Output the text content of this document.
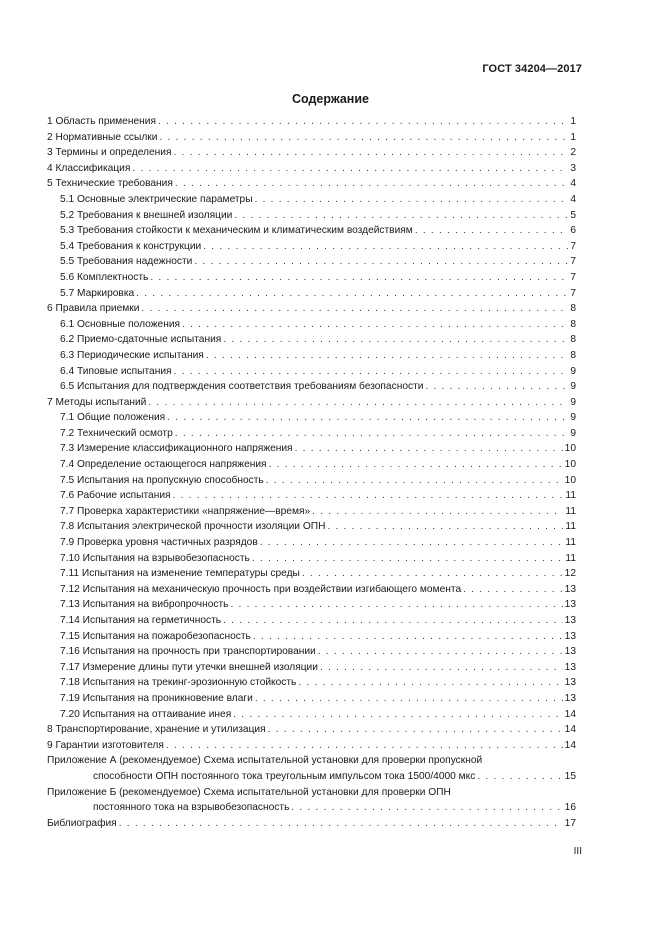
ГОСТ 34204—2017
Содержание
1 Область применения . . .	1
2 Нормативные ссылки . . .	1
3 Термины и определения . . .	2
4 Классификация . . .	3
5 Технические требования . . .	4
5.1 Основные электрические параметры . . .	4
5.2 Требования к внешней изоляции . . .	5
5.3 Требования стойкости к механическим и климатическим воздействиям . . .	6
5.4 Требования к конструкции . . .	7
5.5 Требования надежности . . .	7
5.6 Комплектность . . .	7
5.7 Маркировка . . .	7
6 Правила приемки . . .	8
6.1 Основные положения . . .	8
6.2 Приемо-сдаточные испытания . . .	8
6.3 Периодические испытания . . .	8
6.4 Типовые испытания . . .	9
6.5 Испытания для подтверждения соответствия требованиям безопасности . . .	9
7 Методы испытаний . . .	9
7.1 Общие положения . . .	9
7.2 Технический осмотр . . .	9
7.3 Измерение классификационного напряжения . . .	10
7.4 Определение остающегося напряжения . . .	10
7.5 Испытания на пропускную способность . . .	10
7.6 Рабочие испытания . . .	11
7.7 Проверка характеристики «напряжение—время» . . .	11
7.8 Испытания электрической прочности изоляции ОПН . . .	11
7.9 Проверка уровня частичных разрядов . . .	11
7.10 Испытания на взрывобезопасность . . .	11
7.11 Испытания на изменение температуры среды . . .	12
7.12 Испытания на механическую прочность при воздействии изгибающего момента . . .	13
7.13 Испытания на вибропрочность . . .	13
7.14 Испытания на герметичность . . .	13
7.15 Испытания на пожаробезопасность . . .	13
7.16 Испытания на прочность при транспортировании . . .	13
7.17 Измерение длины пути утечки внешней изоляции . . .	13
7.18 Испытания на трекинг-эрозионную стойкость . . .	13
7.19 Испытания на проникновение влаги . . .	13
7.20 Испытания на оттаивание инея . . .	14
8 Транспортирование, хранение и утилизация . . .	14
9 Гарантии изготовителя . . .	14
Приложение А (рекомендуемое) Схема испытательной установки для проверки пропускной
способности ОПН постоянного тока треугольным импульсом тока 1500/4000 мкс . . .	15
Приложение Б (рекомендуемое) Схема испытательной установки для проверки ОПН
постоянного тока на взрывобезопасность . . .	16
Библиография . . .	17
III
